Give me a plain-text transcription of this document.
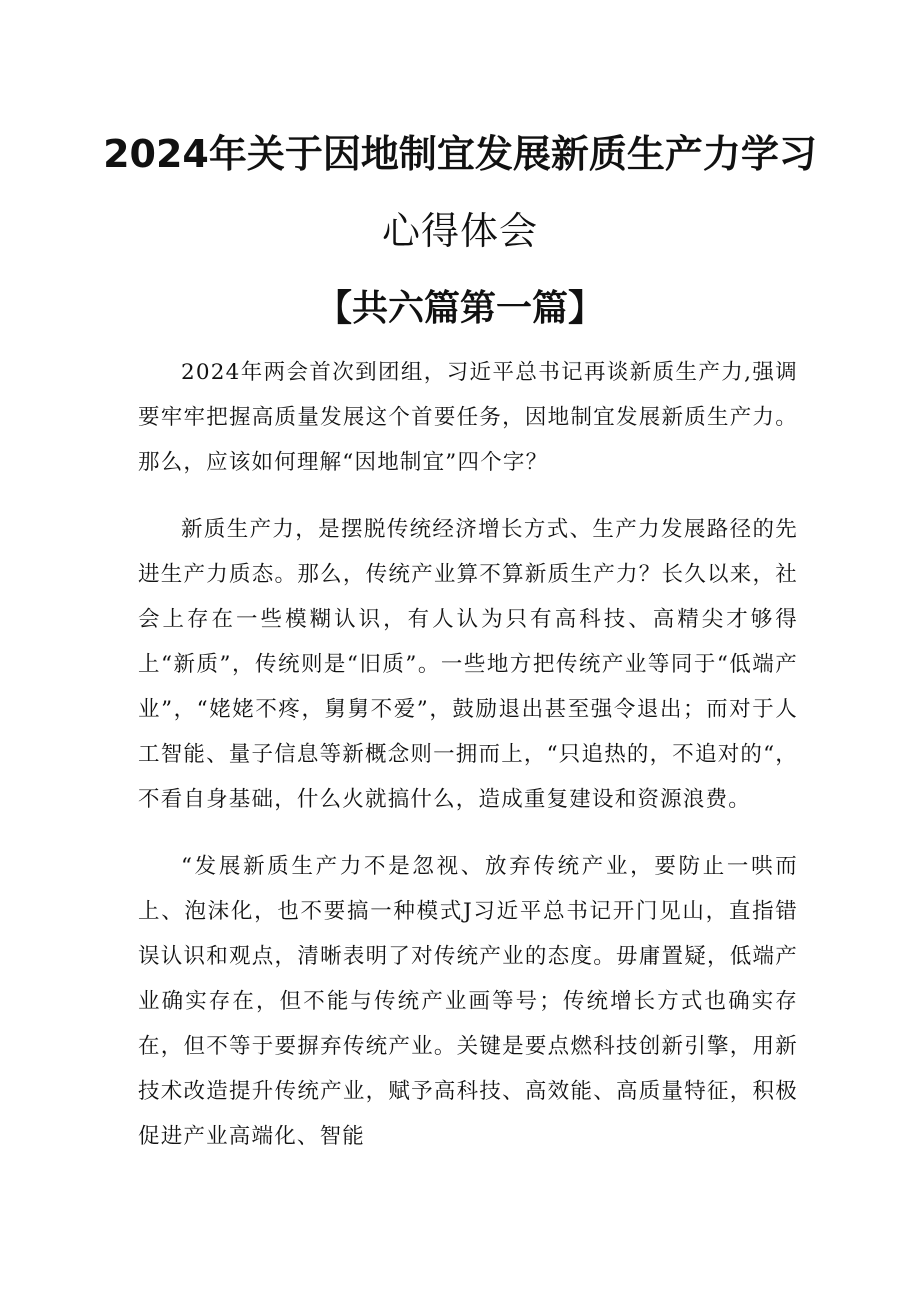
2024年关于因地制宜发展新质生产力学习
心得体会
【共六篇第一篇】

2024年两会首次到团组，习近平总书记再谈新质生产力,强调要牢牢把握高质量发展这个首要任务，因地制宜发展新质生产力。那么，应该如何理解“因地制宜”四个字？

新质生产力，是摆脱传统经济增长方式、生产力发展路径的先进生产力质态。那么，传统产业算不算新质生产力？长久以来，社会上存在一些模糊认识，有人认为只有高科技、高精尖才够得上“新质”，传统则是“旧质”。一些地方把传统产业等同于“低端产业”，“姥姥不疼，舅舅不爱”，鼓励退出甚至强令退出；而对于人工智能、量子信息等新概念则一拥而上，“只追热的，不追对的“，不看自身基础，什么火就搞什么，造成重复建设和资源浪费。

“发展新质生产力不是忽视、放弃传统产业，要防止一哄而上、泡沫化，也不要搞一种模式J习近平总书记开门见山，直指错误认识和观点，清晰表明了对传统产业的态度。毋庸置疑，低端产业确实存在，但不能与传统产业画等号；传统增长方式也确实存在，但不等于要摒弃传统产业。关键是要点燃科技创新引擎，用新技术改造提升传统产业，赋予高科技、高效能、高质量特征，积极促进产业高端化、智能
